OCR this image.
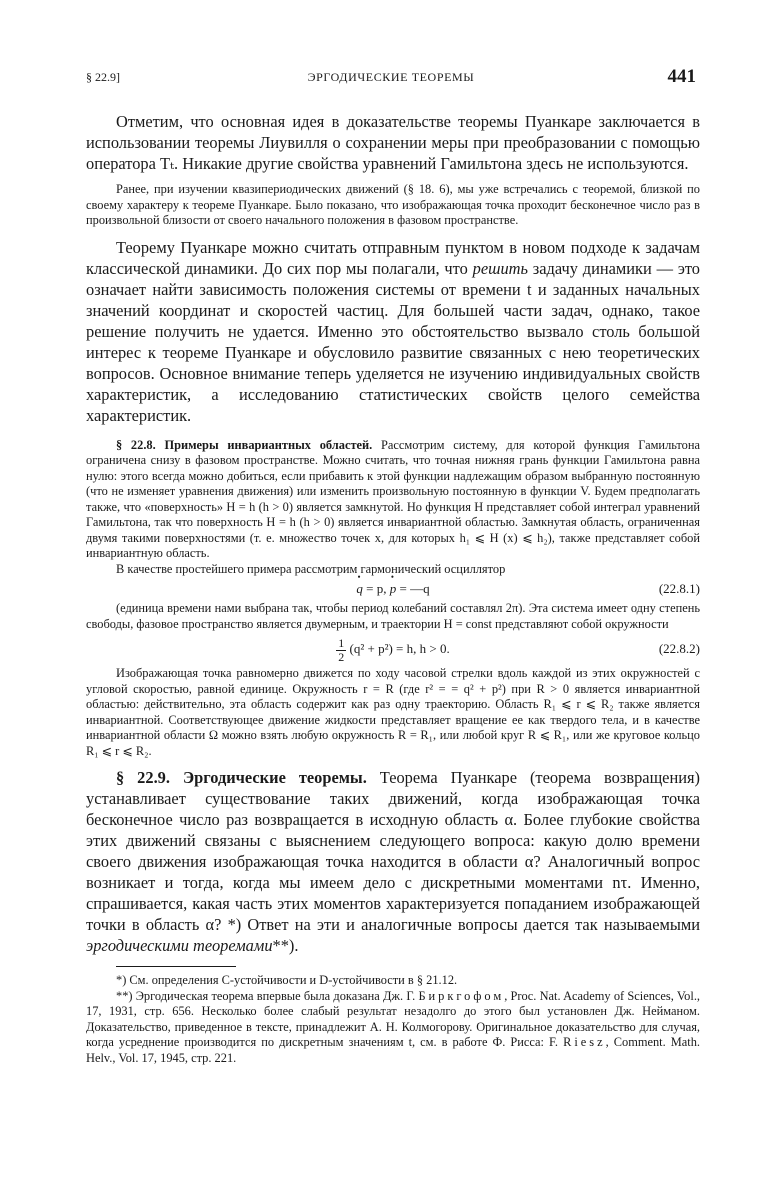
§ 22.9]	ЭРГОДИЧЕСКИЕ ТЕОРЕМЫ	441

Отметим, что основная идея в доказательстве теоремы Пуанкаре заключается в использовании теоремы Лиувилля о сохранении меры при преобразовании с помощью оператора Tₜ. Никакие другие свойства уравнений Гамильтона здесь не используются.

Ранее, при изучении квазипериодических движений (§ 18. 6), мы уже встречались с теоремой, близкой по своему характеру к теореме Пуанкаре. Было показано, что изображающая точка проходит бесконечное число раз в произвольной близости от своего начального положения в фазовом пространстве.

Теорему Пуанкаре можно считать отправным пунктом в новом подходе к задачам классической динамики. До сих пор мы полагали, что решить задачу динамики — это означает найти зависимость положения системы от времени t и заданных начальных значений координат и скоростей частиц. Для большей части задач, однако, такое решение получить не удается. Именно это обстоятельство вызвало столь большой интерес к теореме Пуанкаре и обусловило развитие связанных с нею теоретических вопросов. Основное внимание теперь уделяется не изучению индивидуальных свойств характеристик, а исследованию статистических свойств целого семейства характеристик.

§ 22.8. Примеры инвариантных областей. Рассмотрим систему, для которой функция Гамильтона ограничена снизу в фазовом пространстве. Можно считать, что точная нижняя грань функции Гамильтона равна нулю: этого всегда можно добиться, если прибавить к этой функции надлежащим образом выбранную постоянную (что не изменяет уравнения движения) или изменить произвольную постоянную в функции V. Будем предполагать также, что «поверхность» H = h (h > 0) является замкнутой. Но функция H представляет собой интеграл уравнений Гамильтона, так что поверхность H = h (h > 0) является инвариантной областью. Замкнутая область, ограниченная двумя такими поверхностями (т. е. множество точек x, для которых h₁ ⩽ H (x) ⩽ h₂), также представляет собой инвариантную область.

В качестве простейшего примера рассмотрим гармонический осциллятор

• q = p, • p = —q	(22.8.1)

(единица времени нами выбрана так, чтобы период колебаний составлял 2π). Эта система имеет одну степень свободы, фазовое пространство является двумерным, и траектории H = const представляют собой окружности

$\frac{1}{2} (q^2 + p^2) = h$, h > 0.	(22.8.2)

Изображающая точка равномерно движется по ходу часовой стрелки вдоль каждой из этих окружностей с угловой скоростью, равной единице. Окружность r = R (где r² = = q² + p²) при R > 0 является инвариантной областью: действительно, эта область содержит как раз одну траекторию. Область R₁ ⩽ r ⩽ R₂ также является инвариантной. Соответствующее движение жидкости представляет вращение ее как твердого тела, и в качестве инвариантной области Ω можно взять любую окружность R = R₁, или любой круг R ⩽ R₁, или же круговое кольцо R₁ ⩽ r ⩽ R₂.

§ 22.9. Эргодические теоремы. Теорема Пуанкаре (теорема возвращения) устанавливает существование таких движений, когда изображающая точка бесконечное число раз возвращается в исходную область α. Более глубокие свойства этих движений связаны с выяснением следующего вопроса: какую долю времени своего движения изображающая точка находится в области α? Аналогичный вопрос возникает и тогда, когда мы имеем дело с дискретными моментами nτ. Именно, спрашивается, какая часть этих моментов характеризуется попаданием изображающей точки в область α? *) Ответ на эти и аналогичные вопросы дается так называемыми эргодическими теоремами**).

*) См. определения C-устойчивости и D-устойчивости в § 21.12.

**) Эргодическая теорема впервые была доказана Дж. Г. Биркгофом, Proc. Nat. Academy of Sciences, Vol., 17, 1931, стр. 656. Несколько более слабый результат незадолго до этого был установлен Дж. Нейманом. Доказательство, приведенное в тексте, принадлежит А. Н. Колмогорову. Оригинальное доказательство для случая, когда усреднение производится по дискретным значениям t, см. в работе Ф. Рисса: F. Riesz, Comment. Math. Helv., Vol. 17, 1945, стр. 221.
